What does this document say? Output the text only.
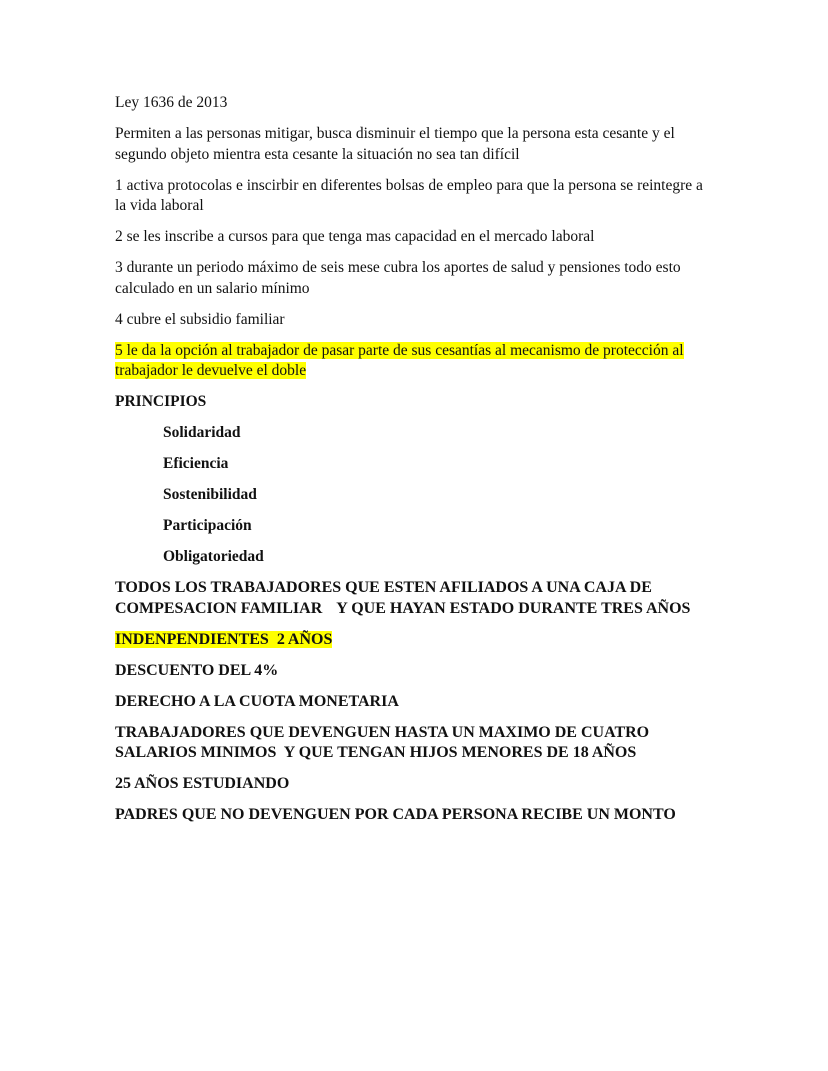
Ley 1636 de 2013

Permiten a las personas mitigar, busca disminuir el tiempo que la persona esta cesante y el segundo objeto mientra esta cesante la situación no sea tan difícil

1 activa protocolas e inscirbir en diferentes bolsas de empleo para que la persona se reintegre a la vida laboral

2 se les inscribe a cursos para que tenga mas capacidad en el mercado laboral

3 durante un periodo máximo de seis mese cubra los aportes de salud y pensiones todo esto calculado en un salario mínimo

4 cubre el subsidio familiar

5 le da la opción al trabajador de pasar parte de sus cesantías al mecanismo de protección al trabajador le devuelve el doble

PRINCIPIOS

Solidaridad

Eficiencia

Sostenibilidad

Participación

Obligatoriedad

TODOS LOS TRABAJADORES QUE ESTEN AFILIADOS A UNA CAJA DE
COMPESACION FAMILIAR Y QUE HAYAN ESTADO DURANTE TRES AÑOS

INDENPENDIENTES  2 AÑOS

DESCUENTO DEL 4%

DERECHO A LA CUOTA MONETARIA

TRABAJADORES QUE DEVENGUEN HASTA UN MAXIMO DE CUATRO
SALARIOS MINIMOS  Y QUE TENGAN HIJOS MENORES DE 18 AÑOS

25 AÑOS ESTUDIANDO

PADRES QUE NO DEVENGUEN POR CADA PERSONA RECIBE UN MONTO
